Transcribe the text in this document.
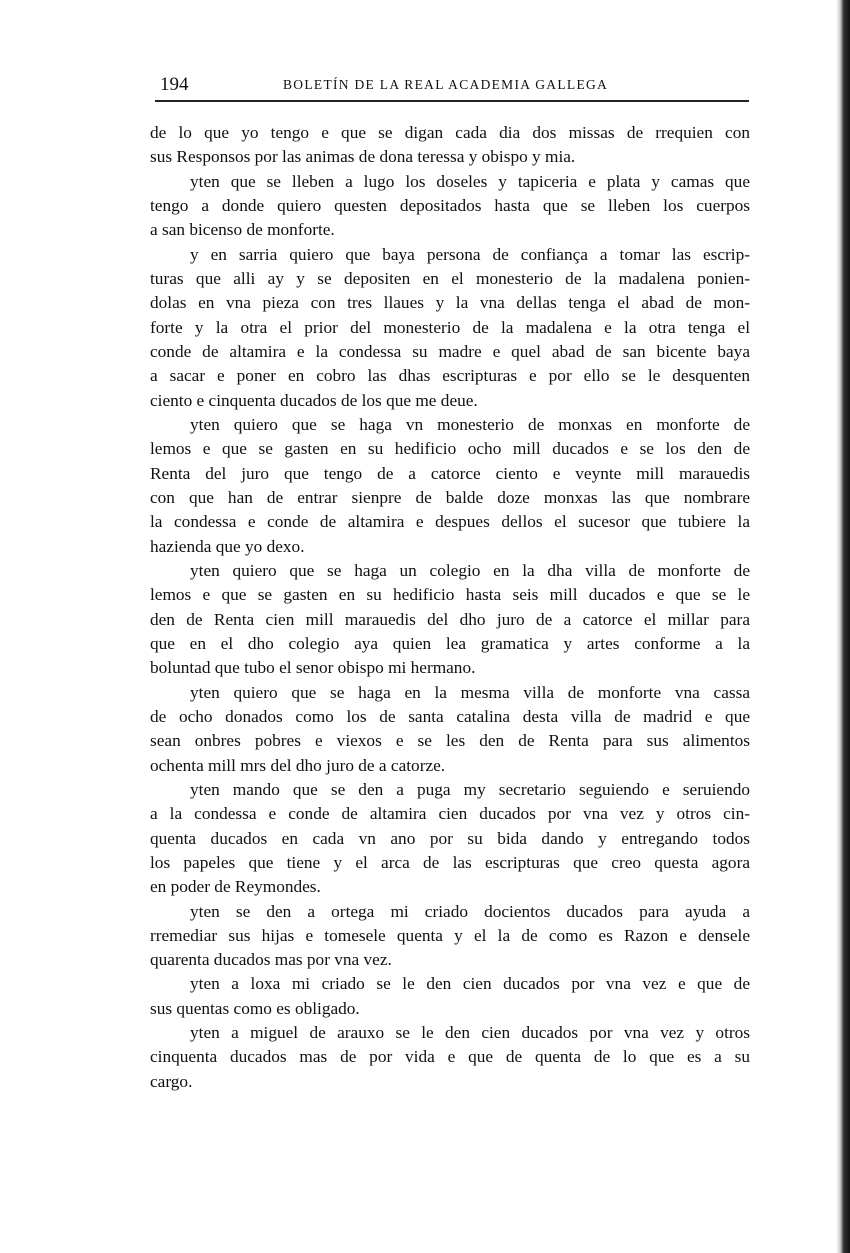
194	BOLETÍN DE LA REAL ACADEMIA GALLEGA
de lo que yo tengo e que se digan cada dia dos missas de rrequien con
sus Responsos por las animas de dona teressa y obispo y mia.
yten que se lleben a lugo los doseles y tapiceria e plata y camas que
tengo a donde quiero questen depositados hasta que se lleben los cuerpos
a san bicenso de monforte.
y en sarria quiero que baya persona de confiança a tomar las escrip-
turas que alli ay y se depositen en el monesterio de la madalena ponien-
dolas en vna pieza con tres llaues y la vna dellas tenga el abad de mon-
forte y la otra el prior del monesterio de la madalena e la otra tenga el
conde de altamira e la condessa su madre e quel abad de san bicente baya
a sacar e poner en cobro las dhas escripturas e por ello se le desquenten
ciento e cinquenta ducados de los que me deue.
yten quiero que se haga vn monesterio de monxas en monforte de
lemos e que se gasten en su hedificio ocho mill ducados e se los den de
Renta del juro que tengo de a catorce ciento e veynte mill marauedis
con que han de entrar sienpre de balde doze monxas las que nombrare
la condessa e conde de altamira e despues dellos el sucesor que tubiere la
hazienda que yo dexo.
yten quiero que se haga un colegio en la dha villa de monforte de
lemos e que se gasten en su hedificio hasta seis mill ducados e que se le
den de Renta cien mill marauedis del dho juro de a catorce el millar para
que en el dho colegio aya quien lea gramatica y artes conforme a la
boluntad que tubo el senor obispo mi hermano.
yten quiero que se haga en la mesma villa de monforte vna cassa
de ocho donados como los de santa catalina desta villa de madrid e que
sean onbres pobres e viexos e se les den de Renta para sus alimentos
ochenta mill mrs del dho juro de a catorze.
yten mando que se den a puga my secretario seguiendo e seruiendo
a la condessa e conde de altamira cien ducados por vna vez y otros cin-
quenta ducados en cada vn ano por su bida dando y entregando todos
los papeles que tiene y el arca de las escripturas que creo questa agora
en poder de Reymondes.
yten se den a ortega mi criado docientos ducados para ayuda a
rremediar sus hijas e tomesele quenta y el la de como es Razon e densele
quarenta ducados mas por vna vez.
yten a loxa mi criado se le den cien ducados por vna vez e que de
sus quentas como es obligado.
yten a miguel de arauxo se le den cien ducados por vna vez y otros
cinquenta ducados mas de por vida e que de quenta de lo que es a su
cargo.
